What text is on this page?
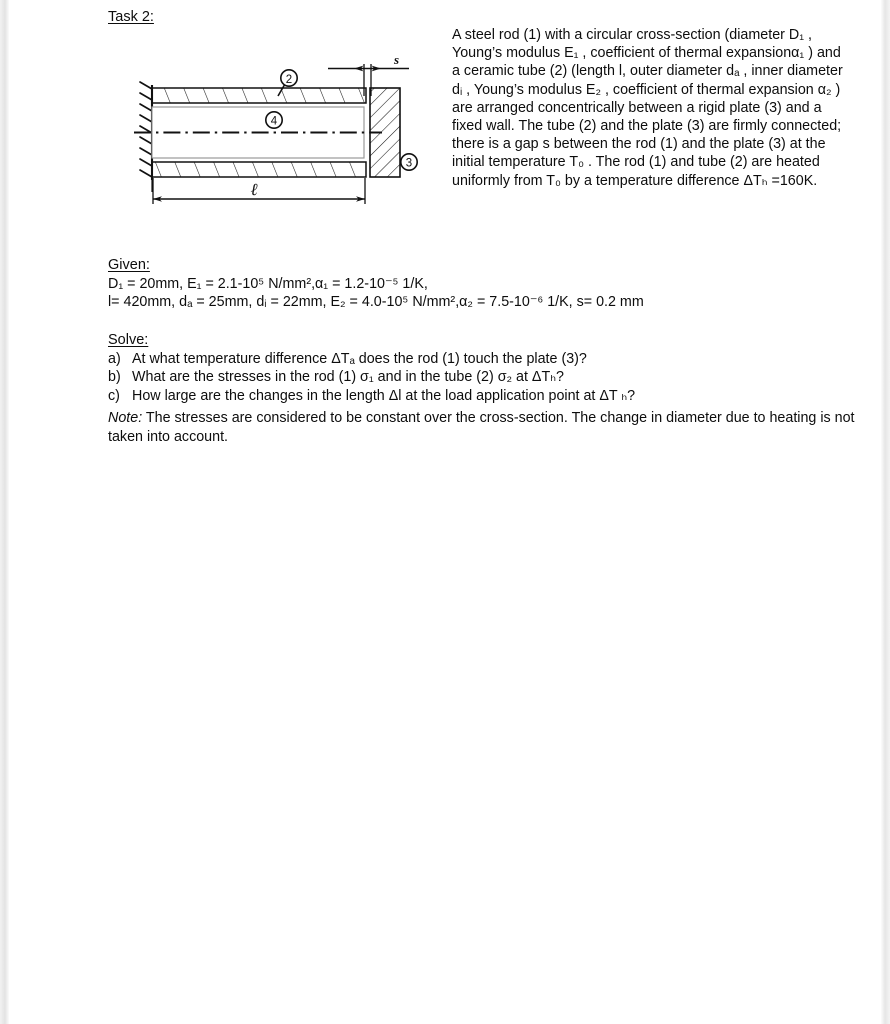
Task 2:
s
2
4
3
ℓ
A steel rod (1) with a circular cross-section (diameter D₁ , Young’s modulus E₁ , coefficient of thermal expansionα₁ ) and a ceramic tube (2) (length l, outer diameter dₐ , inner diameter dᵢ , Young’s modulus E₂ , coefficient of thermal expansion α₂ ) are arranged concentrically between a rigid plate (3) and a fixed wall. The tube (2) and the plate (3) are firmly connected; there is a gap s between the rod (1) and the plate (3) at the initial temperature T₀ . The rod (1) and tube (2) are heated uniformly from T₀ by a temperature difference ΔTₕ =160K.
Given:
D₁ = 20mm, E₁ = 2.1-10⁵ N/mm²,α₁ = 1.2-10⁻⁵ 1/K,
l= 420mm, dₐ = 25mm, dᵢ = 22mm, E₂ = 4.0-10⁵ N/mm²,α₂ = 7.5-10⁻⁶ 1/K, s= 0.2 mm
Solve:
a) At what temperature difference ΔTₐ does the rod (1) touch the plate (3)?
b) What are the stresses in the rod (1) σ₁ and in the tube (2) σ₂ at ΔTₕ?
c) How large are the changes in the length Δl at the load application point at ΔT ₕ?
Note: The stresses are considered to be constant over the cross-section. The change in diameter due to heating is not taken into account.
